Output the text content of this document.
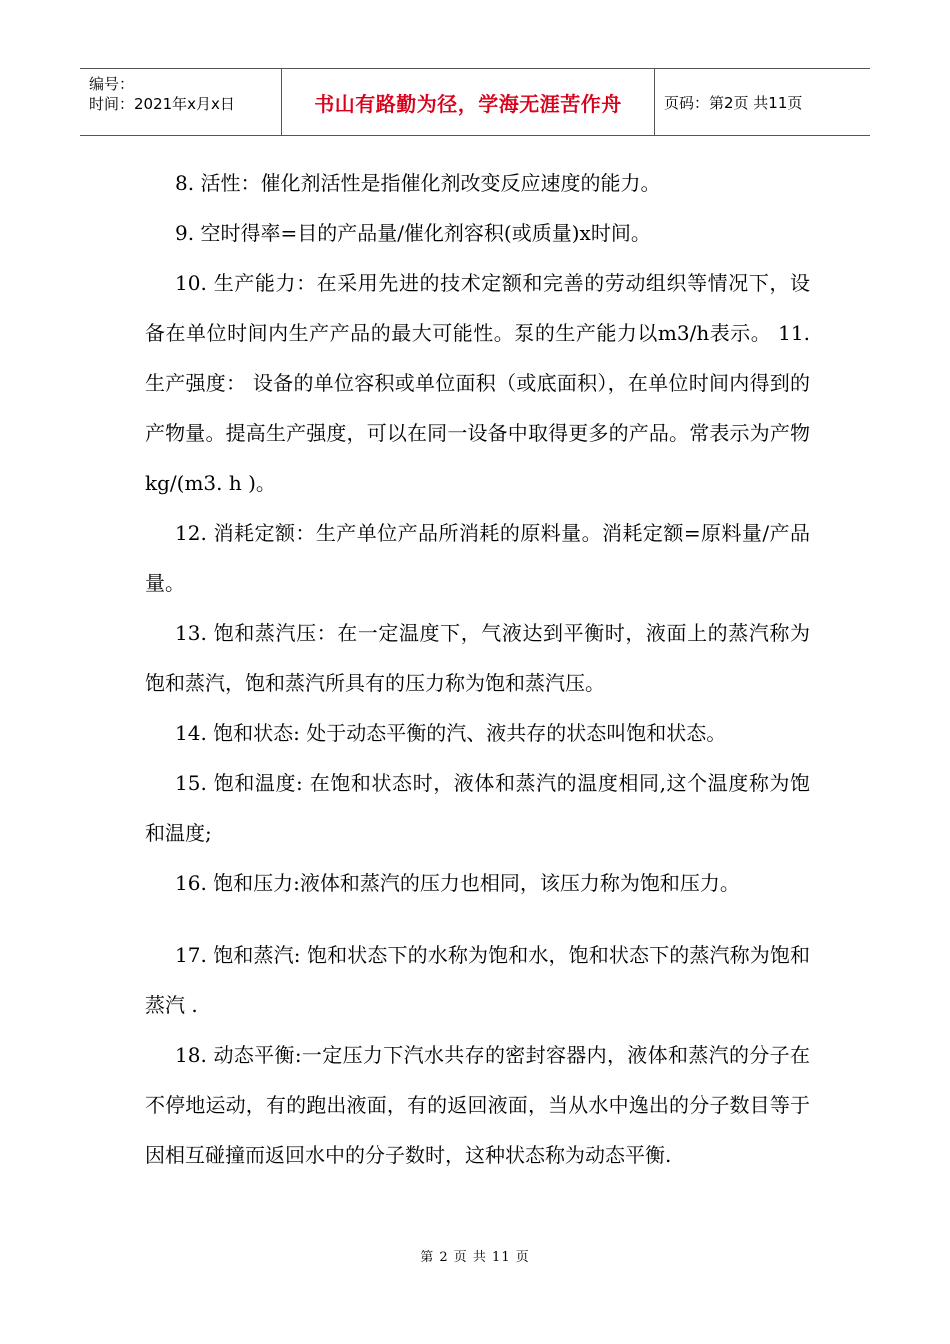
编号：
时间：2021年x月x日	书山有路勤为径，学海无涯苦作舟	页码：第2页 共11页

8. 活性：催化剂活性是指催化剂改变反应速度的能力。

9. 空时得率=目的产品量/催化剂容积(或质量)x时间。

10. 生产能力：在采用先进的技术定额和完善的劳动组织等情况下，设备在单位时间内生产产品的最大可能性。泵的生产能力以m3/h表示。 11. 生产强度： 设备的单位容积或单位面积（或底面积），在单位时间内得到的产物量。提高生产强度，可以在同一设备中取得更多的产品。常表示为产物kg/(m3. h )。

12. 消耗定额：生产单位产品所消耗的原料量。消耗定额=原料量/产品量。

13. 饱和蒸汽压：在一定温度下，气液达到平衡时，液面上的蒸汽称为饱和蒸汽，饱和蒸汽所具有的压力称为饱和蒸汽压。

14. 饱和状态: 处于动态平衡的汽、液共存的状态叫饱和状态。

15. 饱和温度: 在饱和状态时，液体和蒸汽的温度相同,这个温度称为饱和温度;

16. 饱和压力:液体和蒸汽的压力也相同，该压力称为饱和压力。

17. 饱和蒸汽: 饱和状态下的水称为饱和水，饱和状态下的蒸汽称为饱和蒸汽 .

18. 动态平衡:一定压力下汽水共存的密封容器内，液体和蒸汽的分子在不停地运动，有的跑出液面，有的返回液面，当从水中逸出的分子数目等于因相互碰撞而返回水中的分子数时，这种状态称为动态平衡.

第 2 页 共 11 页
